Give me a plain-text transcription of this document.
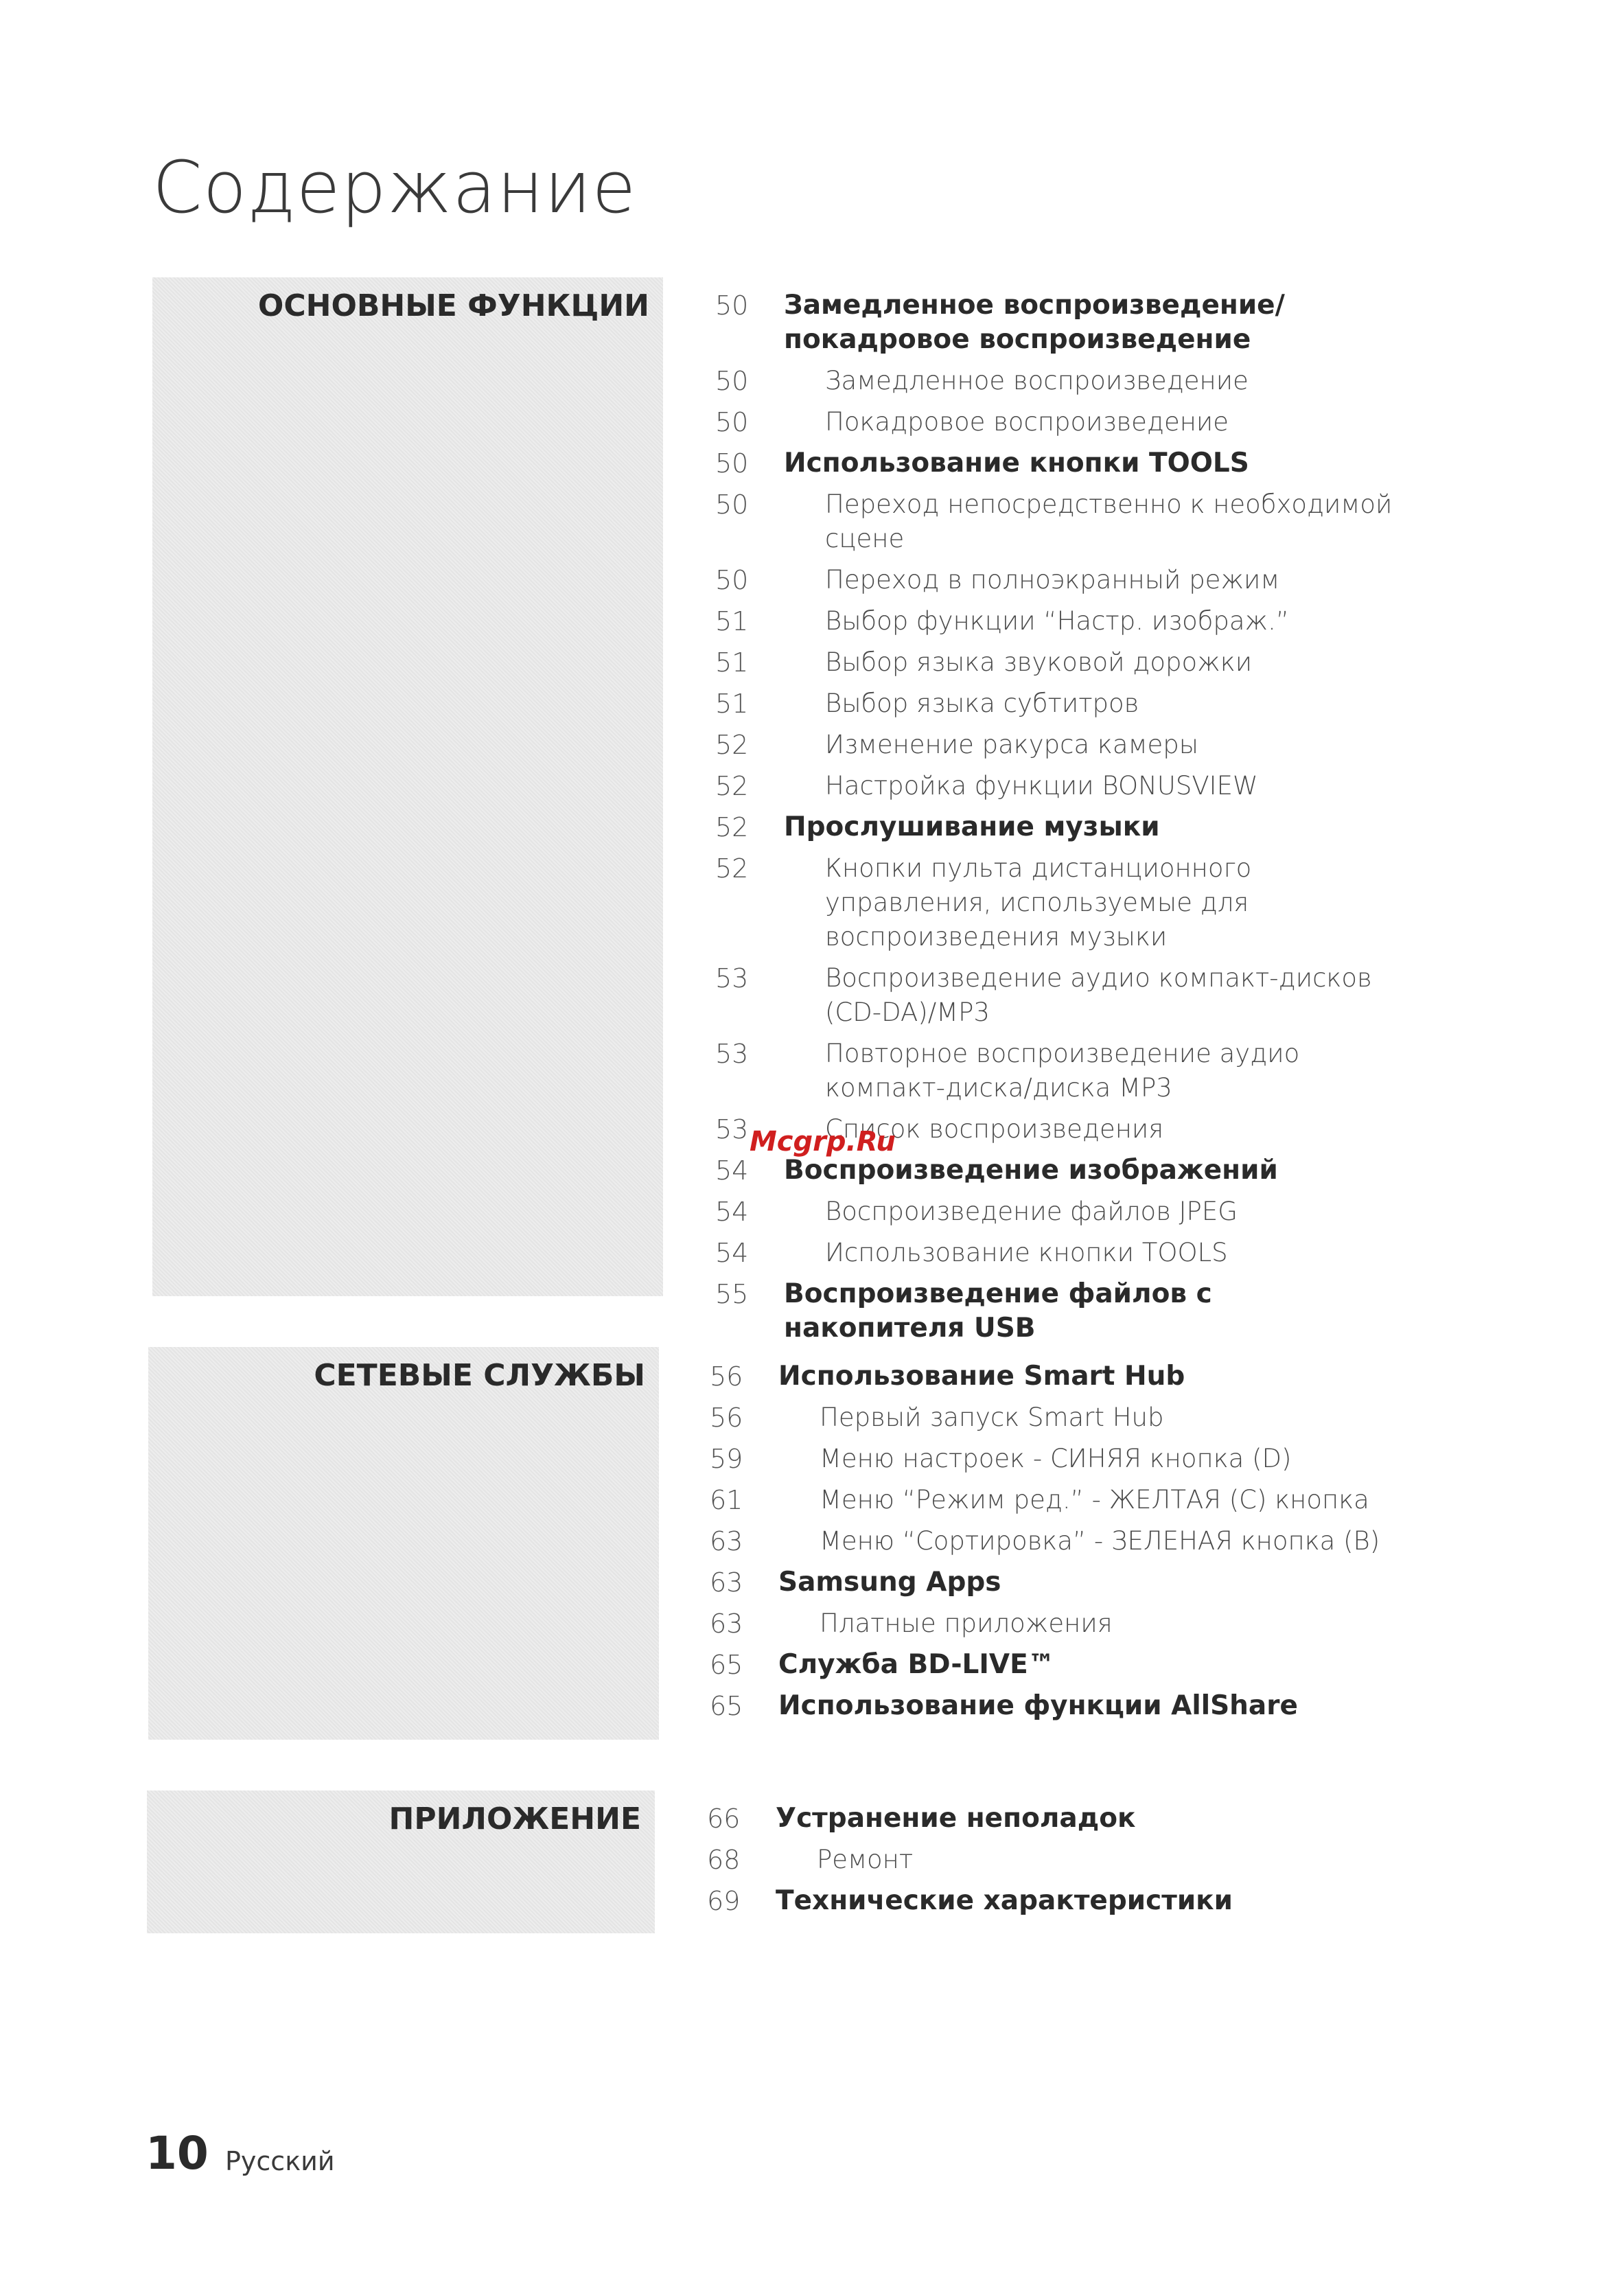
Содержание
ОСНОВНЫЕ ФУНКЦИИ	50	Замедленное воспроизведение/покадровое воспроизведение
50	Замедленное воспроизведение
50	Покадровое воспроизведение
50	Использование кнопки TOOLS
50	Переход непосредственно к необходимой сцене
50	Переход в полноэкранный режим
51	Выбор функции “Настр. изображ.”
51	Выбор языка звуковой дорожки
51	Выбор языка субтитров
52	Изменение ракурса камеры
52	Настройка функции BONUSVIEW
52	Прослушивание музыки
52	Кнопки пульта дистанционного управления, используемые для воспроизведения музыки
53	Воспроизведение аудио компакт-дисков (CD-DA)/MP3
53	Повторное воспроизведение аудио компакт-диска/диска MP3
53	Список воспроизведения
54	Воспроизведение изображений
54	Воспроизведение файлов JPEG
54	Использование кнопки TOOLS
55	Воспроизведение файлов с накопителя USB
СЕТЕВЫЕ СЛУЖБЫ 56	Использование Smart Hub
56	Первый запуск Smart Hub
59	Меню настроек - СИНЯЯ кнопка (D)
61	Меню “Режим ред.” - ЖЕЛТАЯ (C) кнопка
63	Меню “Сортировка” - ЗЕЛЕНАЯ кнопка (B)
63	Samsung Apps
63	Платные приложения
65	Служба BD-LIVE™
65	Использование функции AllShare
ПРИЛОЖЕНИЕ	66	Устранение неполадок
68	Ремонт
69	Технические характеристики
Mcgrp.Ru
10 Русский
